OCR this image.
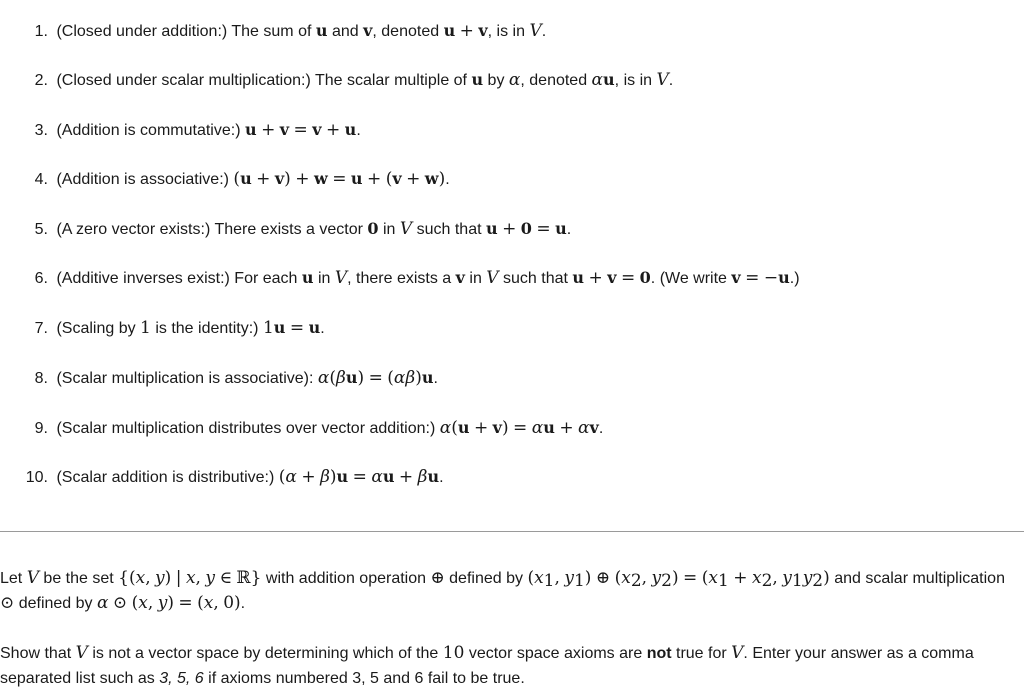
1. (Closed under addition:) The sum of u and v, denoted u + v, is in V.
2. (Closed under scalar multiplication:) The scalar multiple of u by α, denoted αu, is in V.
3. (Addition is commutative:) u + v = v + u.
4. (Addition is associative:) (u + v) + w = u + (v + w).
5. (A zero vector exists:) There exists a vector 0 in V such that u + 0 = u.
6. (Additive inverses exist:) For each u in V, there exists a v in V such that u + v = 0. (We write v = −u.)
7. (Scaling by 1 is the identity:) 1u = u.
8. (Scalar multiplication is associative): α(βu) = (αβ)u.
9. (Scalar multiplication distributes over vector addition:) α(u + v) = αu + αv.
10. (Scalar addition is distributive:) (α + β)u = αu + βu.
Let V be the set {(x, y) | x, y ∈ ℝ} with addition operation ⊕ defined by ($x_1$, $y_1$) ⊕ ($x_2$, $y_2) = (x_1 + x_2$, $y_1y_2$) and scalar multiplication ⊙ defined by α ⊙ (x, y) = (x, 0).
Show that V is not a vector space by determining which of the 10 vector space axioms are not true for V. Enter your answer as a comma separated list such as 3, 5, 6 if axioms numbered 3, 5 and 6 fail to be true.
